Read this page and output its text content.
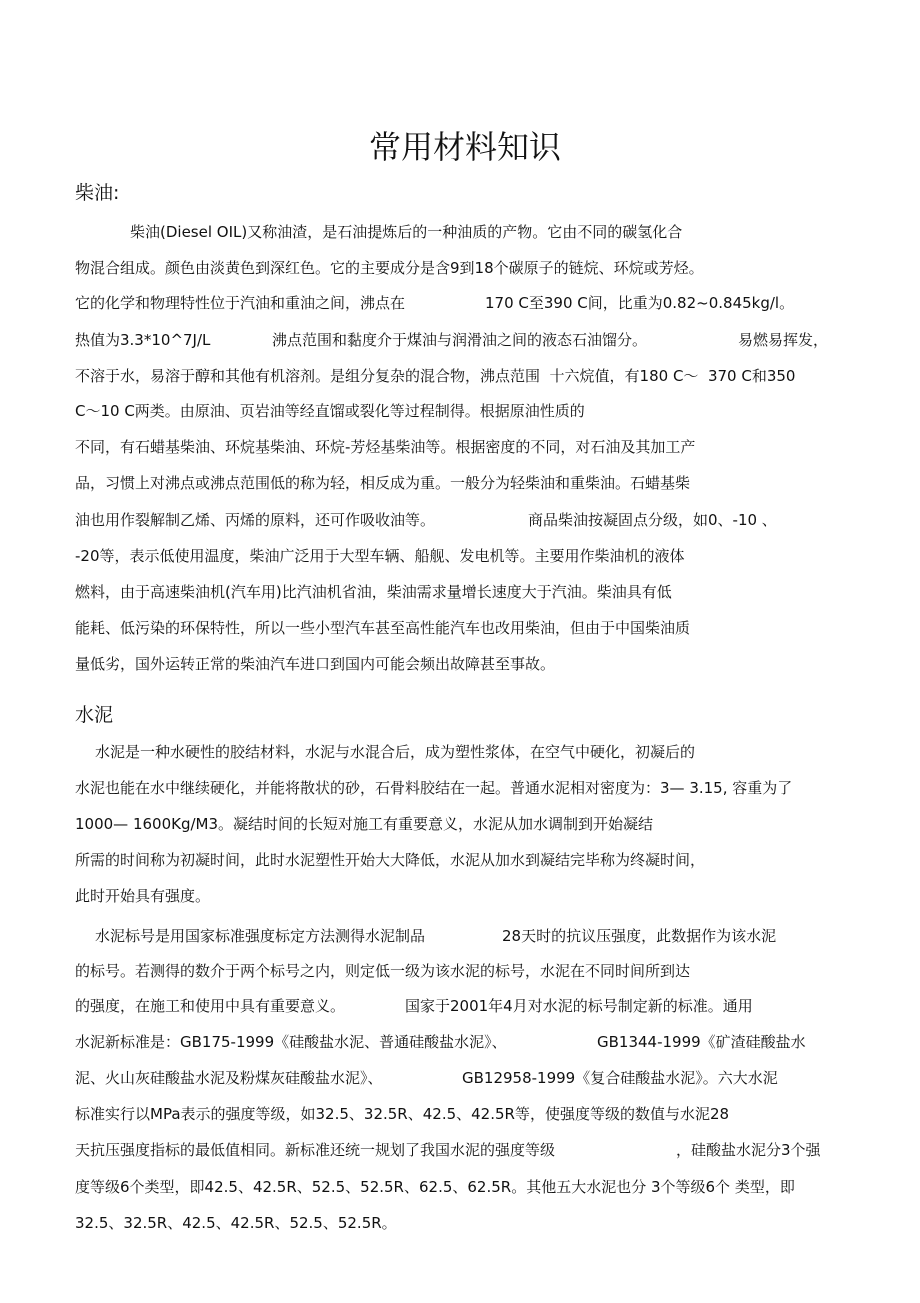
常用材料知识
柴油:
柴油(Diesel OIL)又称油渣，是石油提炼后的一种油质的产物。它由不同的碳氢化合
物混合组成。颜色由淡黄色到深红色。它的主要成分是含9到18个碳原子的链烷、环烷或芳烃。
它的化学和物理特性位于汽油和重油之间，沸点在	170 C至390 C间，比重为0.82~0.845kg/l。
热值为3.3*10^7J/L	沸点范围和黏度介于煤油与润滑油之间的液态石油馏分。	易燃易挥发，
不溶于水，易溶于醇和其他有机溶剂。是组分复杂的混合物，沸点范围  十六烷值，有180 C～  370 C和350
C～10 C两类。由原油、页岩油等经直馏或裂化等过程制得。根据原油性质的
不同，有石蜡基柴油、环烷基柴油、环烷-芳烃基柴油等。根据密度的不同，对石油及其加工产
品，习惯上对沸点或沸点范围低的称为轻，相反成为重。一般分为轻柴油和重柴油。石蜡基柴
油也用作裂解制乙烯、丙烯的原料，还可作吸收油等。	商品柴油按凝固点分级，如0、-10 、
-20等，表示低使用温度，柴油广泛用于大型车辆、船舰、发电机等。主要用作柴油机的液体
燃料，由于高速柴油机(汽车用)比汽油机省油，柴油需求量增长速度大于汽油。柴油具有低
能耗、低污染的环保特性，所以一些小型汽车甚至高性能汽车也改用柴油，但由于中国柴油质
量低劣，国外运转正常的柴油汽车进口到国内可能会频出故障甚至事故。
水泥
水泥是一种水硬性的胶结材料，水泥与水混合后，成为塑性浆体，在空气中硬化，初凝后的
水泥也能在水中继续硬化，并能将散状的砂，石骨料胶结在一起。普通水泥相对密度为：3— 3.15, 容重为了
1000— 1600Kg/M3。凝结时间的长短对施工有重要意义，水泥从加水调制到开始凝结
所需的时间称为初凝时间，此时水泥塑性开始大大降低，水泥从加水到凝结完毕称为终凝时间，
此时开始具有强度。
水泥标号是用国家标准强度标定方法测得水泥制品	28天时的抗议压强度，此数据作为该水泥
的标号。若测得的数介于两个标号之内，则定低一级为该水泥的标号，水泥在不同时间所到达
的强度，在施工和使用中具有重要意义。	国家于2001年4月对水泥的标号制定新的标准。通用
水泥新标准是：GB175-1999《硅酸盐水泥、普通硅酸盐水泥》、	GB1344-1999《矿渣硅酸盐水
泥、火山灰硅酸盐水泥及粉煤灰硅酸盐水泥》、	GB12958-1999《复合硅酸盐水泥》。六大水泥
标准实行以MPa表示的强度等级，如32.5、32.5R、42.5、42.5R等，使强度等级的数值与水泥28
天抗压强度指标的最低值相同。新标准还统一规划了我国水泥的强度等级	，硅酸盐水泥分3个强
度等级6个类型，即42.5、42.5R、52.5、52.5R、62.5、62.5R。其他五大水泥也分 3个等级6个 类型，即
32.5、32.5R、42.5、42.5R、52.5、52.5R。
